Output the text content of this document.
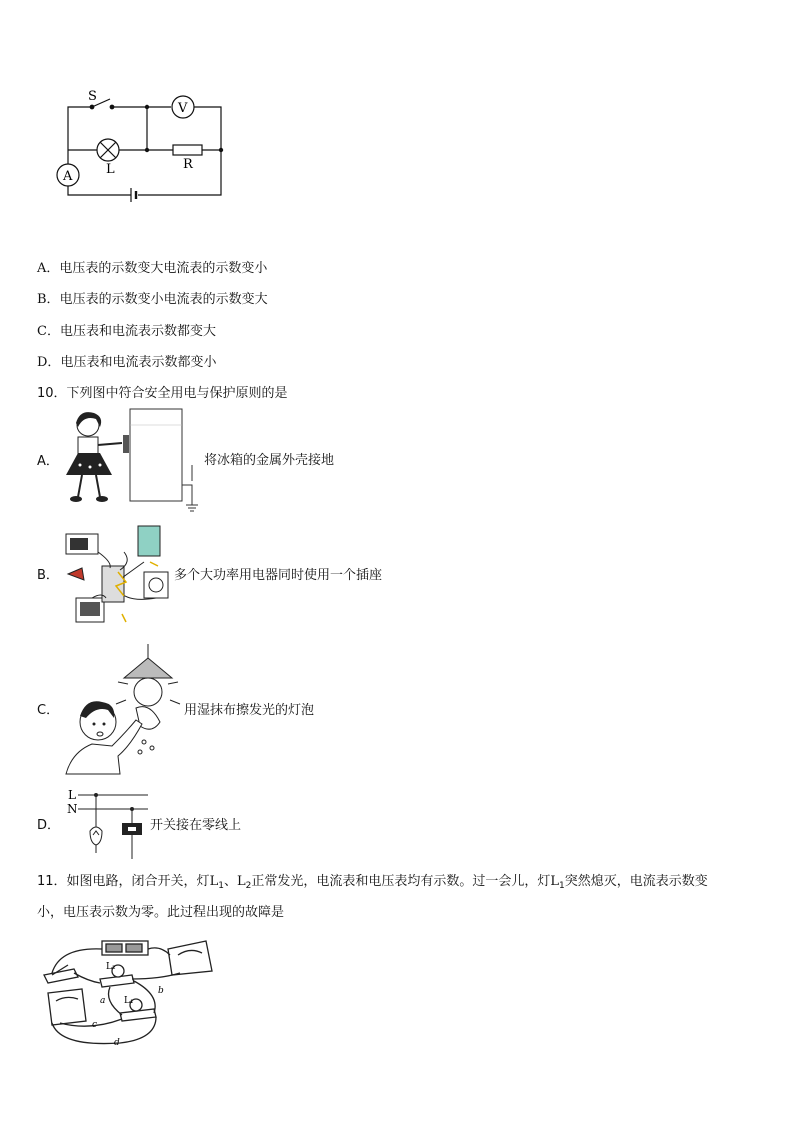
S
V
L	R
A
A．电压表的示数变大电流表的示数变小
B．电压表的示数变小电流表的示数变大
C．电压表和电流表示数都变大
D．电压表和电流表示数都变小
10．下列图中符合安全用电与保护原则的是
A．	将冰箱的金属外壳接地
B．	多个大功率用电器同时使用一个插座
C．	用湿抹布擦发光的灯泡
D．
L
N
开关接在零线上
11．如图电路，闭合开关，灯$L_1$、$L_2$正常发光，电流表和电压表均有示数。过一会儿，灯$L_1$突然熄灭，电流表示数变
小，电压表示数为零。此过程出现的故障是
L₂
L₁
a
b
c
d
